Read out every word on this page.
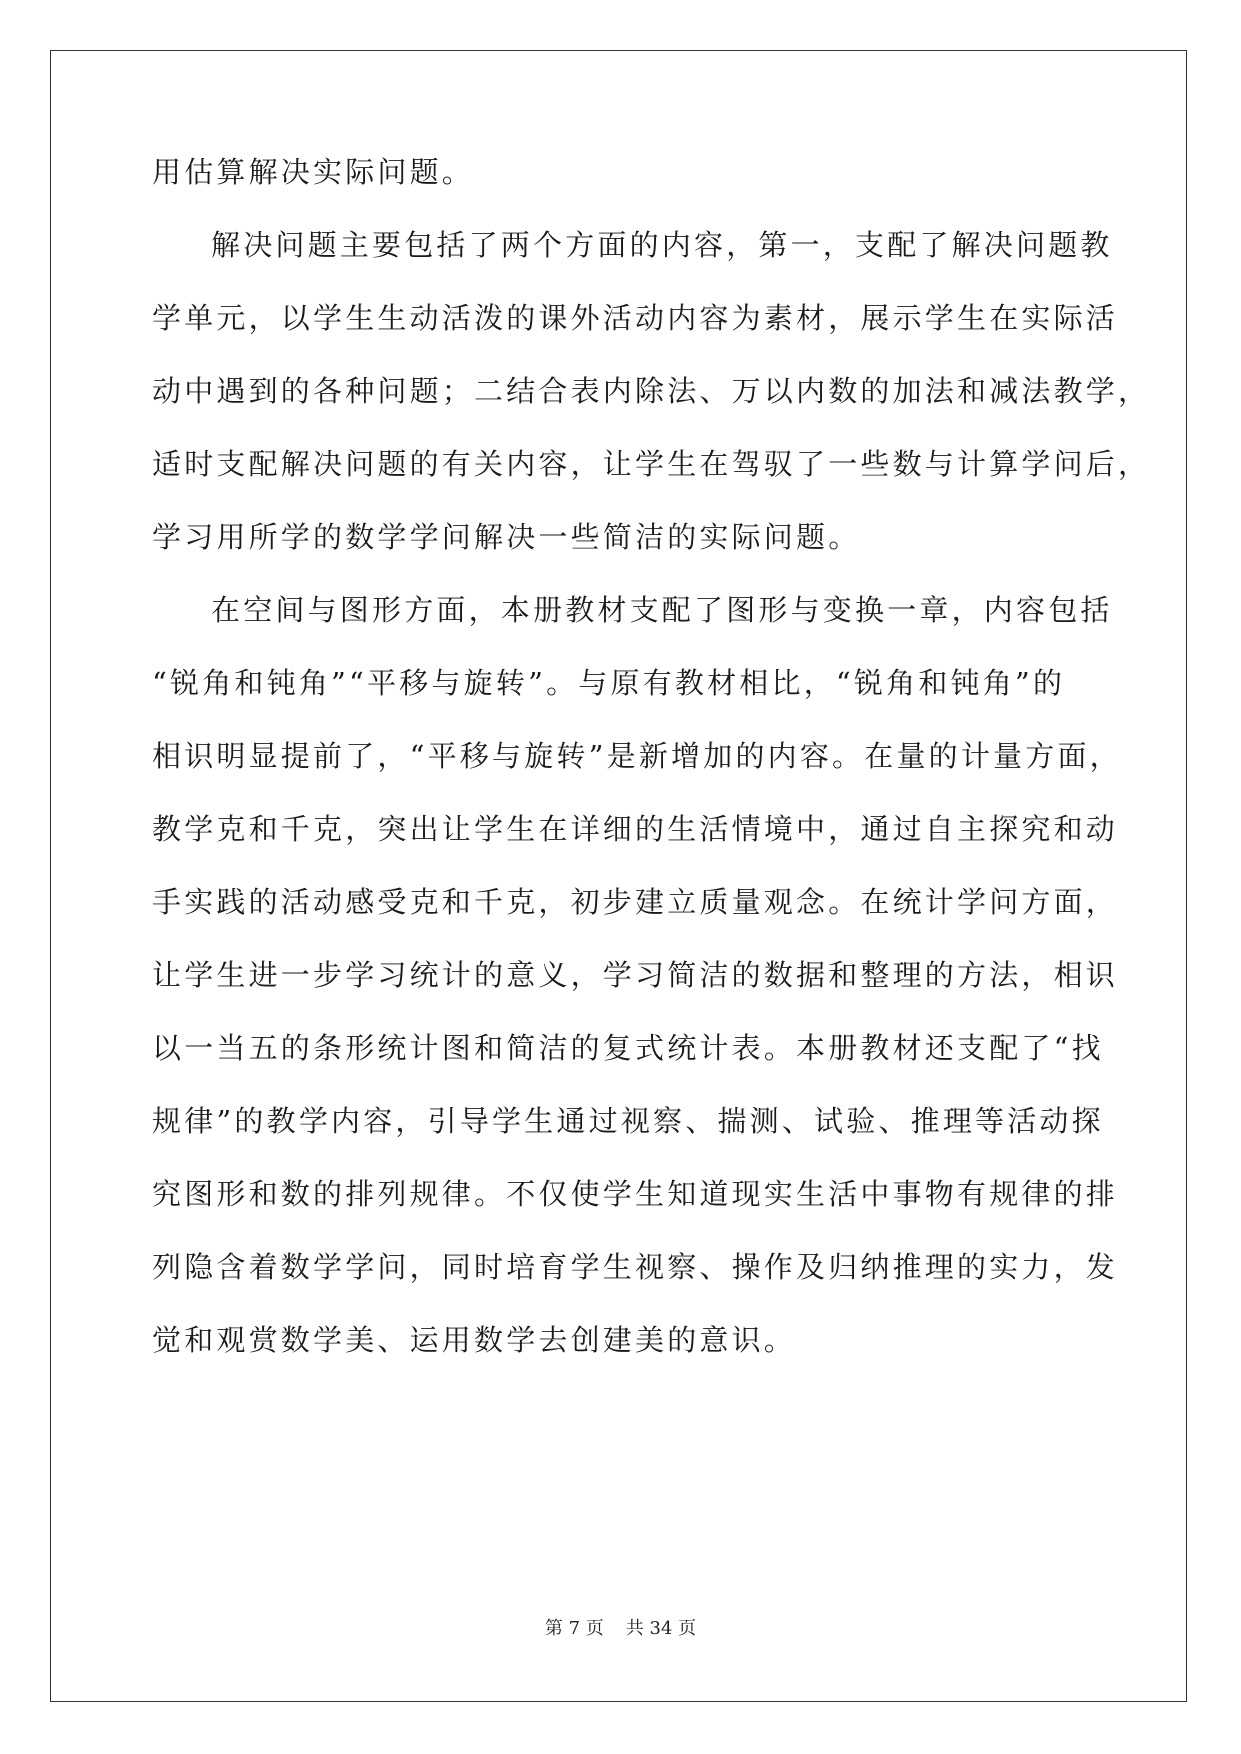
用估算解决实际问题。
解决问题主要包括了两个方面的内容，第一，支配了解决问题教
学单元，以学生生动活泼的课外活动内容为素材，展示学生在实际活
动中遇到的各种问题；二结合表内除法、万以内数的加法和减法教学，
适时支配解决问题的有关内容，让学生在驾驭了一些数与计算学问后，
学习用所学的数学学问解决一些简洁的实际问题。
在空间与图形方面，本册教材支配了图形与变换一章，内容包括
“锐角和钝角”“平移与旋转”。与原有教材相比，“锐角和钝角”的
相识明显提前了，“平移与旋转”是新增加的内容。在量的计量方面，
教学克和千克，突出让学生在详细的生活情境中，通过自主探究和动
手实践的活动感受克和千克，初步建立质量观念。在统计学问方面，
让学生进一步学习统计的意义，学习简洁的数据和整理的方法，相识
以一当五的条形统计图和简洁的复式统计表。本册教材还支配了“找
规律”的教学内容，引导学生通过视察、揣测、试验、推理等活动探
究图形和数的排列规律。不仅使学生知道现实生活中事物有规律的排
列隐含着数学学问，同时培育学生视察、操作及归纳推理的实力，发
觉和观赏数学美、运用数学去创建美的意识。
第 7 页 共 34 页
